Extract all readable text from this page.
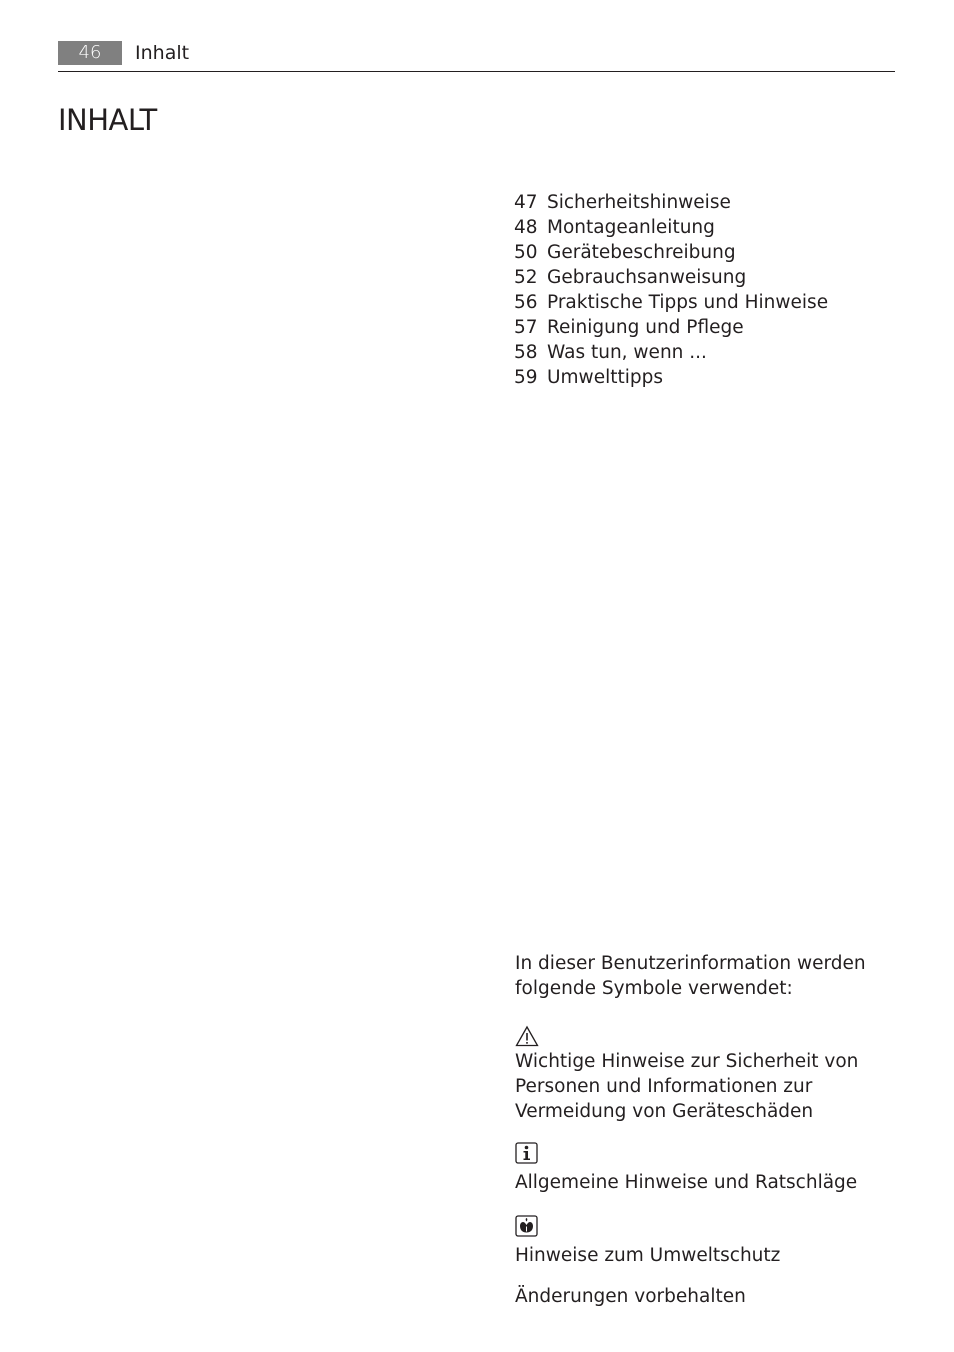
46	Inhalt
INHALT
47 Sicherheitshinweise
48 Montageanleitung
50 Gerätebeschreibung
52 Gebrauchsanweisung
56 Praktische Tipps und Hinweise
57 Reinigung und Pflege
58 Was tun, wenn ...
59 Umwelttipps

In dieser Benutzerinformation werden folgende Symbole verwendet:

Wichtige Hinweise zur Sicherheit von Personen und Informationen zur Vermeidung von Geräteschäden

Allgemeine Hinweise und Ratschläge

Hinweise zum Umweltschutz

Änderungen vorbehalten
